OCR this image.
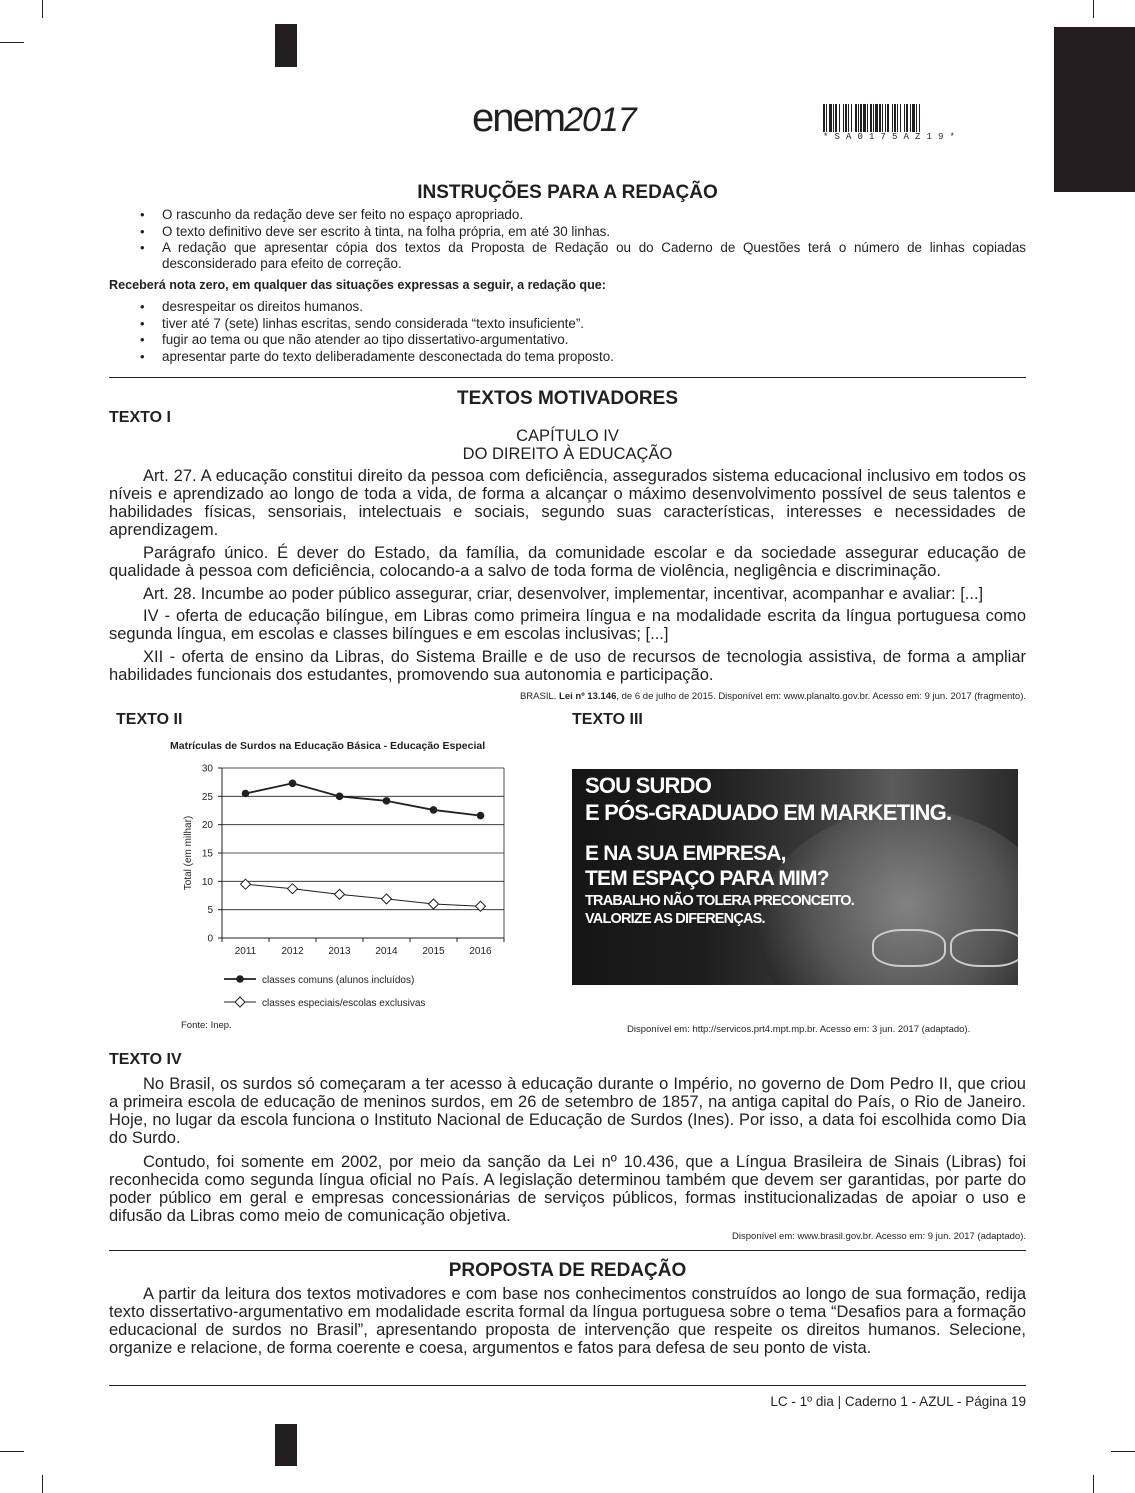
enem2017	*SA0175AZ19*
INSTRUÇÕES PARA A REDAÇÃO
• O rascunho da redação deve ser feito no espaço apropriado.
• O texto definitivo deve ser escrito à tinta, na folha própria, em até 30 linhas.
• A redação que apresentar cópia dos textos da Proposta de Redação ou do Caderno de Questões terá o número de linhas copiadas desconsiderado para efeito de correção.
Receberá nota zero, em qualquer das situações expressas a seguir, a redação que:
• desrespeitar os direitos humanos.
• tiver até 7 (sete) linhas escritas, sendo considerada “texto insuficiente”.
• fugir ao tema ou que não atender ao tipo dissertativo-argumentativo.
• apresentar parte do texto deliberadamente desconectada do tema proposto.
TEXTOS MOTIVADORES
TEXTO I
CAPÍTULO IV
DO DIREITO À EDUCAÇÃO

Art. 27. A educação constitui direito da pessoa com deficiência, assegurados sistema educacional inclusivo em todos os níveis e aprendizado ao longo de toda a vida, de forma a alcançar o máximo desenvolvimento possível de seus talentos e habilidades físicas, sensoriais, intelectuais e sociais, segundo suas características, interesses e necessidades de aprendizagem.

Parágrafo único. É dever do Estado, da família, da comunidade escolar e da sociedade assegurar educação de qualidade à pessoa com deficiência, colocando-a a salvo de toda forma de violência, negligência e discriminação.

Art. 28. Incumbe ao poder público assegurar, criar, desenvolver, implementar, incentivar, acompanhar e avaliar: [...]

IV - oferta de educação bilíngue, em Libras como primeira língua e na modalidade escrita da língua portuguesa como segunda língua, em escolas e classes bilíngues e em escolas inclusivas; [...]

XII - oferta de ensino da Libras, do Sistema Braille e de uso de recursos de tecnologia assistiva, de forma a ampliar habilidades funcionais dos estudantes, promovendo sua autonomia e participação.

BRASIL. Lei nº 13.146, de 6 de julho de 2015. Disponível em: www.planalto.gov.br. Acesso em: 9 jun. 2017 (fragmento).
TEXTO II
Matrículas de Surdos na Educação Básica - Educação Especial
0
5
10
15
20
25
30
2011	2012 2013 2014 2015 2016
Total (em milhar)
classes comuns (alunos incluídos)
classes especiais/escolas exclusivas
Fonte: Inep.
TEXTO III
SOU SURDO
E PÓS-GRADUADO EM MARKETING.
E NA SUA EMPRESA,
TEM ESPAÇO PARA MIM?
TRABALHO NÃO TOLERA PRECONCEITO.
VALORIZE AS DIFERENÇAS.
Disponível em: http://servicos.prt4.mpt.mp.br. Acesso em: 3 jun. 2017 (adaptado).
TEXTO IV

No Brasil, os surdos só começaram a ter acesso à educação durante o Império, no governo de Dom Pedro II, que criou a primeira escola de educação de meninos surdos, em 26 de setembro de 1857, na antiga capital do País, o Rio de Janeiro. Hoje, no lugar da escola funciona o Instituto Nacional de Educação de Surdos (Ines). Por isso, a data foi escolhida como Dia do Surdo.

Contudo, foi somente em 2002, por meio da sanção da Lei nº 10.436, que a Língua Brasileira de Sinais (Libras) foi reconhecida como segunda língua oficial no País. A legislação determinou também que devem ser garantidas, por parte do poder público em geral e empresas concessionárias de serviços públicos, formas institucionalizadas de apoiar o uso e difusão da Libras como meio de comunicação objetiva.

Disponível em: www.brasil.gov.br. Acesso em: 9 jun. 2017 (adaptado).
PROPOSTA DE REDAÇÃO

A partir da leitura dos textos motivadores e com base nos conhecimentos construídos ao longo de sua formação, redija texto dissertativo-argumentativo em modalidade escrita formal da língua portuguesa sobre o tema “Desafios para a formação educacional de surdos no Brasil”, apresentando proposta de intervenção que respeite os direitos humanos. Selecione, organize e relacione, de forma coerente e coesa, argumentos e fatos para defesa de seu ponto de vista.

LC - 1º dia | Caderno 1 - AZUL - Página 19
